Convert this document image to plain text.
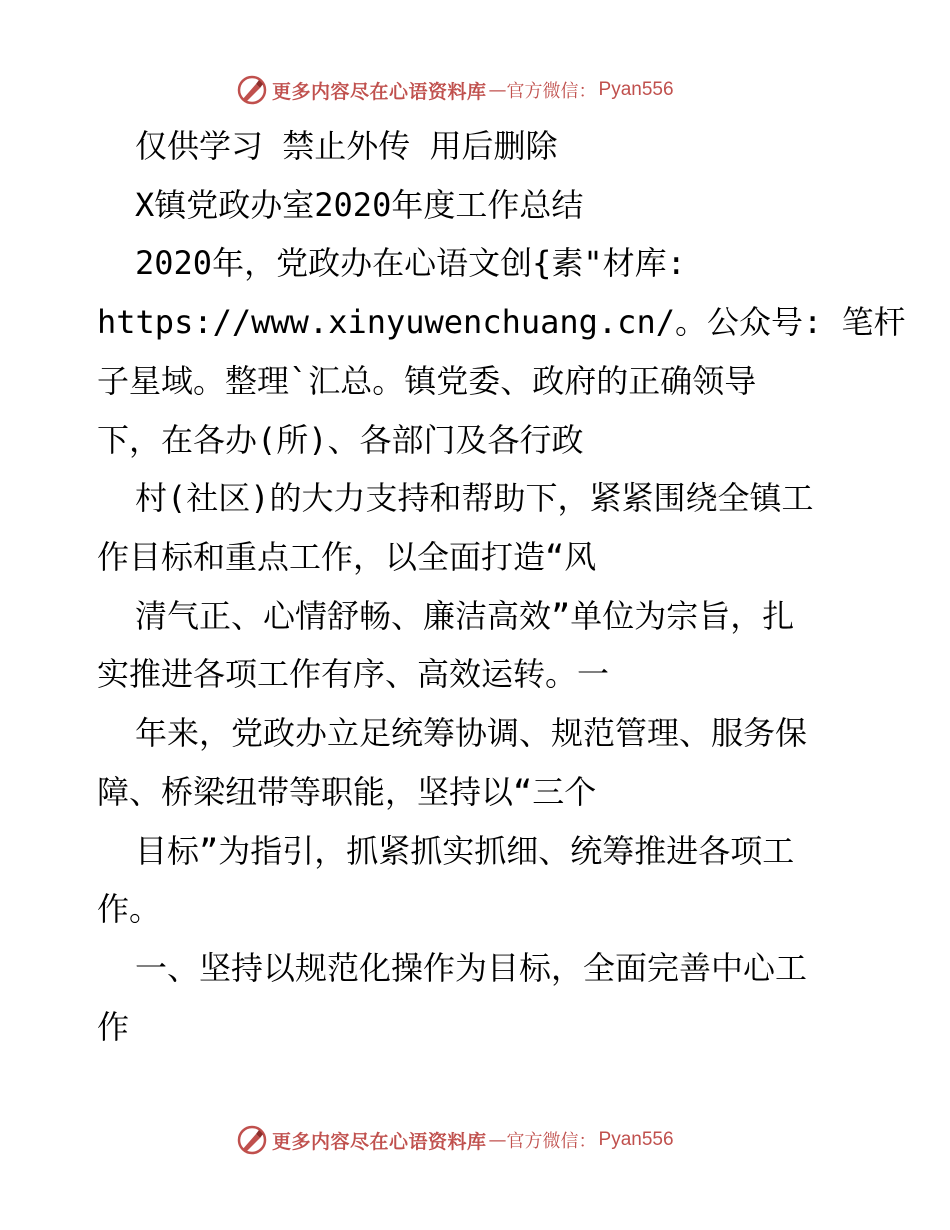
更多内容尽在心语资料库 — 官方微信： Pyan556
仅供学习 禁止外传 用后删除
X镇党政办室2020年度工作总结
2020年，党政办在心语文创{素"材库:
https://www.xinyuwenchuang.cn/。公众号: 笔杆
子星域。整理`汇总。镇党委、政府的正确领导
下，在各办(所)、各部门及各行政
村(社区)的大力支持和帮助下，紧紧围绕全镇工
作目标和重点工作，以全面打造“风
清气正、心情舒畅、廉洁高效”单位为宗旨，扎
实推进各项工作有序、高效运转。一
年来，党政办立足统筹协调、规范管理、服务保
障、桥梁纽带等职能，坚持以“三个
目标”为指引，抓紧抓实抓细、统筹推进各项工
作。
一、坚持以规范化操作为目标，全面完善中心工
作
更多内容尽在心语资料库 — 官方微信： Pyan556
